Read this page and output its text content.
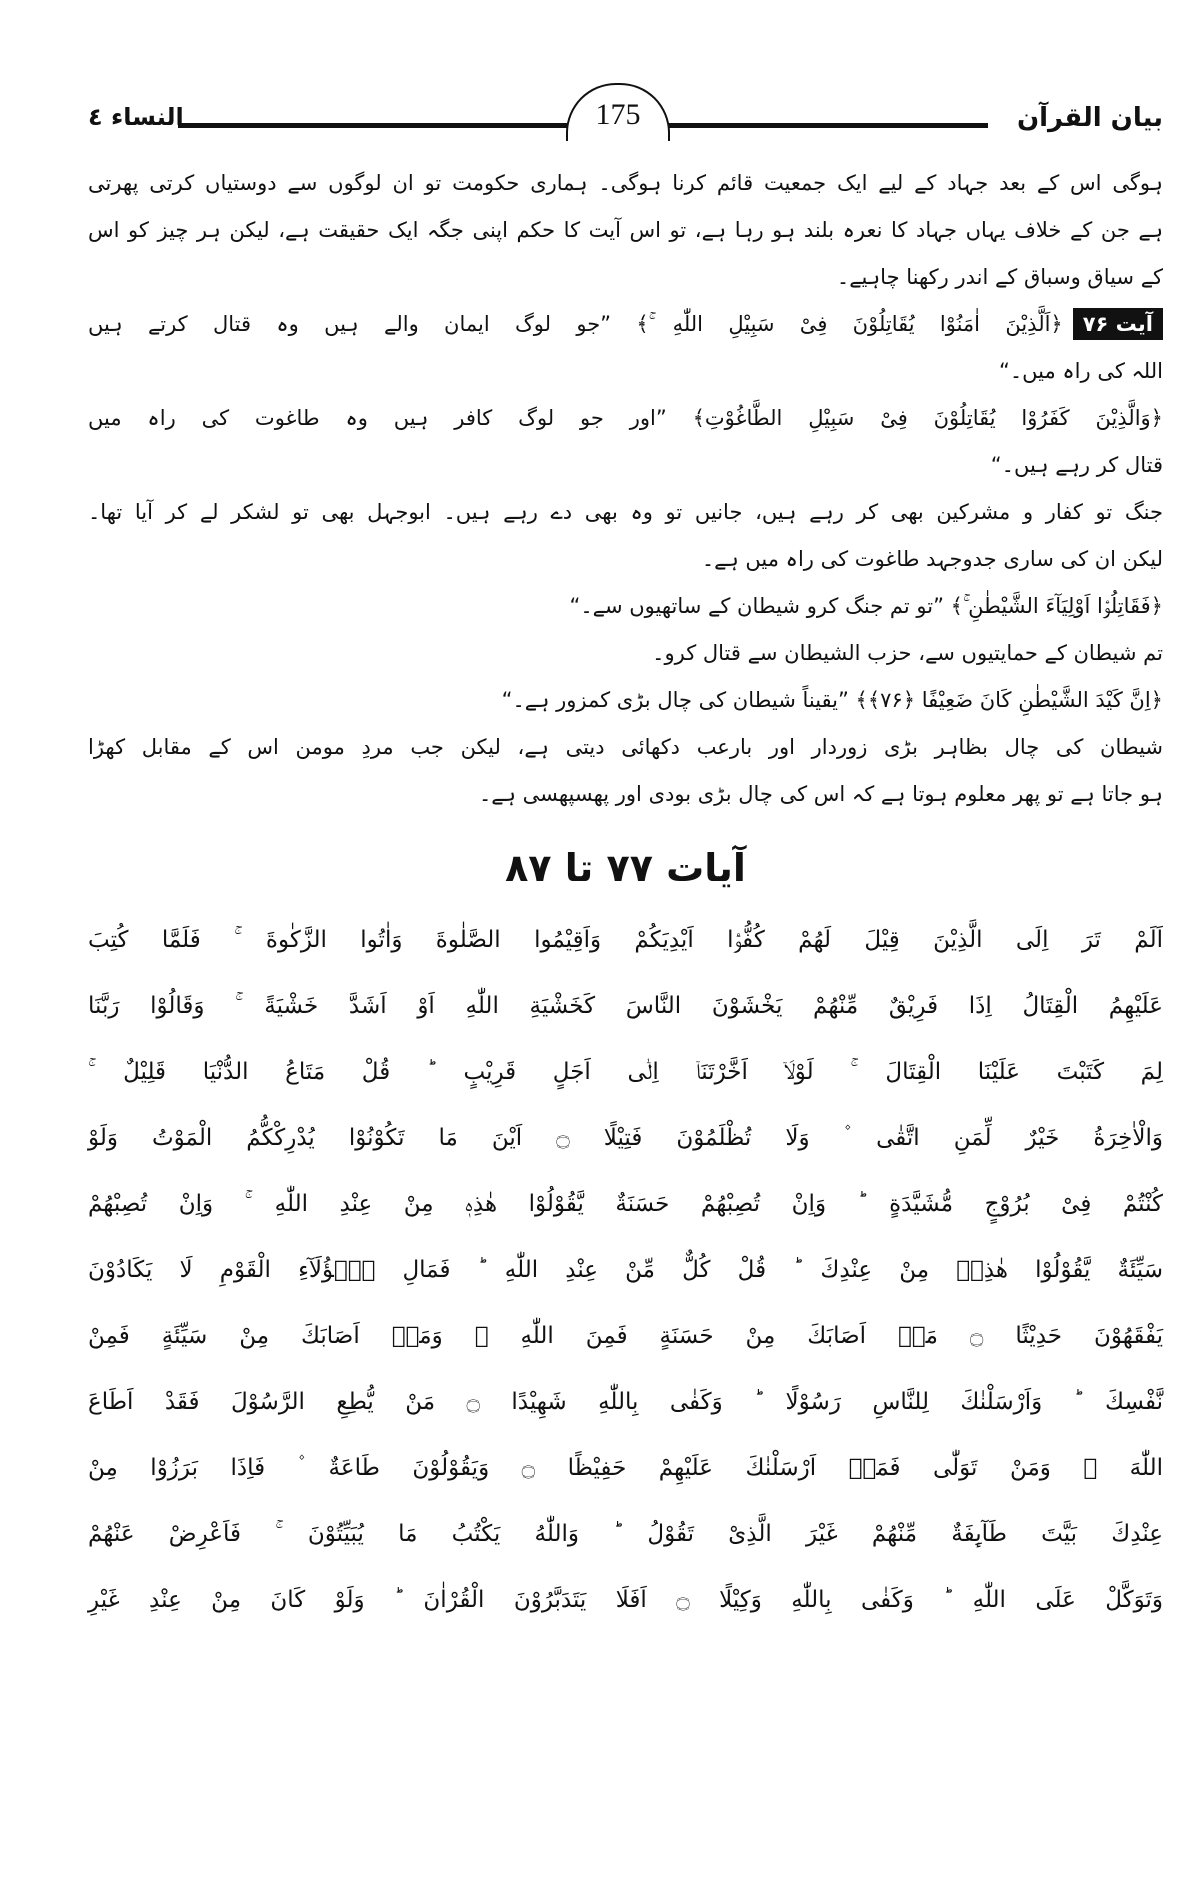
بیان القرآن
النساء ٤	175
ہوگی اس کے بعد جہاد کے لیے ایک جمعیت قائم کرنا ہوگی۔ ہماری حکومت تو ان لوگوں سے دوستیاں کرتی پھرتی
ہے جن کے خلاف یہاں جہاد کا نعرہ بلند ہو رہا ہے، تو اس آیت کا حکم اپنی جگہ ایک حقیقت ہے، لیکن ہر چیز کو اس
کے سیاق وسباق کے اندر رکھنا چاہیے۔
آیت ۷۶﴿اَلَّذِیْنَ اٰمَنُوْا یُقَاتِلُوْنَ فِیْ سَبِیْلِ اللّٰهِ ۚ﴾ ”جو لوگ ایمان والے ہیں وہ قتال کرتے ہیں
اللہ کی راہ میں۔“
﴿وَالَّذِیْنَ كَفَرُوْا یُقَاتِلُوْنَ فِیْ سَبِیْلِ الطَّاغُوْتِ﴾ ”اور جو لوگ کافر ہیں وہ طاغوت کی راہ میں
قتال کر رہے ہیں۔“
جنگ تو کفار و مشرکین بھی کر رہے ہیں، جانیں تو وہ بھی دے رہے ہیں۔ ابوجہل بھی تو لشکر لے کر آیا تھا۔
لیکن ان کی ساری جدوجہد طاغوت کی راہ میں ہے۔
﴿فَقَاتِلُوْۤا اَوْلِیَآءَ الشَّیْطٰنِ ۚ﴾ ”تو تم جنگ کرو شیطان کے ساتھیوں سے۔“
تم شیطان کے حمایتیوں سے، حزب الشیطان سے قتال کرو۔
﴿اِنَّ كَیْدَ الشَّیْطٰنِ كَانَ ضَعِیْفًا ﴿۷۶﴾﴾ ”یقیناً شیطان کی چال بڑی کمزور ہے۔“
شیطان کی چال بظاہر بڑی زوردار اور بارعب دکھائی دیتی ہے، لیکن جب مردِ مومن اس کے مقابل کھڑا
ہو جاتا ہے تو پھر معلوم ہوتا ہے کہ اس کی چال بڑی بودی اور پھسپھسی ہے۔
آیات ۷۷ تا ۸۷
اَلَمْ تَرَ اِلَى الَّذِیْنَ قِیْلَ لَهُمْ كُفُّوْۤا اَیْدِیَكُمْ وَاَقِیْمُوا الصَّلٰوةَ وَاٰتُوا الزَّكٰوةَ ۚ فَلَمَّا كُتِبَ
عَلَیْهِمُ الْقِتَالُ اِذَا فَرِیْقٌ مِّنْهُمْ یَخْشَوْنَ النَّاسَ كَخَشْیَةِ اللّٰهِ اَوْ اَشَدَّ خَشْیَةً ۚ وَقَالُوْا رَبَّنَا
لِمَ كَتَبْتَ عَلَیْنَا الْقِتَالَ ۚ لَوْلَاۤ اَخَّرْتَنَاۤ اِلٰۤى اَجَلٍ قَرِیْبٍ ؕ قُلْ مَتَاعُ الدُّنْیَا قَلِیْلٌ ۚ
وَالْاٰخِرَةُ خَیْرٌ لِّمَنِ اتَّقٰى ۫ وَلَا تُظْلَمُوْنَ فَتِیْلًا ۝ اَیْنَ مَا تَكُوْنُوْا یُدْرِكْكُّمُ الْمَوْتُ وَلَوْ
كُنْتُمْ فِیْ بُرُوْجٍ مُّشَیَّدَةٍ ؕ وَاِنْ تُصِبْهُمْ حَسَنَةٌ یَّقُوْلُوْا هٰذِهٖ مِنْ عِنْدِ اللّٰهِ ۚ وَاِنْ تُصِبْهُمْ
سَیِّئَةٌ یَّقُوْلُوْا هٰذِهٖ مِنْ عِنْدِكَ ؕ قُلْ كُلٌّ مِّنْ عِنْدِ اللّٰهِ ؕ فَمَالِ هٰۤؤُلَآءِ الْقَوْمِ لَا یَكَادُوْنَ
یَفْقَهُوْنَ حَدِیْثًا ۝ مَاۤ اَصَابَكَ مِنْ حَسَنَةٍ فَمِنَ اللّٰهِ ؗ وَمَاۤ اَصَابَكَ مِنْ سَیِّئَةٍ فَمِنْ
نَّفْسِكَ ؕ وَاَرْسَلْنٰكَ لِلنَّاسِ رَسُوْلًا ؕ وَكَفٰى بِاللّٰهِ شَهِیْدًا ۝ مَنْ یُّطِعِ الرَّسُوْلَ فَقَدْ اَطَاعَ
اللّٰهَ ۚ وَمَنْ تَوَلّٰى فَمَاۤ اَرْسَلْنٰكَ عَلَیْهِمْ حَفِیْظًا ۝ وَیَقُوْلُوْنَ طَاعَةٌ ۫ فَاِذَا بَرَزُوْا مِنْ
عِنْدِكَ بَیَّتَ طَآىِٕفَةٌ مِّنْهُمْ غَیْرَ الَّذِیْ تَقُوْلُ ؕ وَاللّٰهُ یَكْتُبُ مَا یُبَیِّتُوْنَ ۚ فَاَعْرِضْ عَنْهُمْ
وَتَوَكَّلْ عَلَى اللّٰهِ ؕ وَكَفٰى بِاللّٰهِ وَكِیْلًا ۝ اَفَلَا یَتَدَبَّرُوْنَ الْقُرْاٰنَ ؕ وَلَوْ كَانَ مِنْ عِنْدِ غَیْرِ
